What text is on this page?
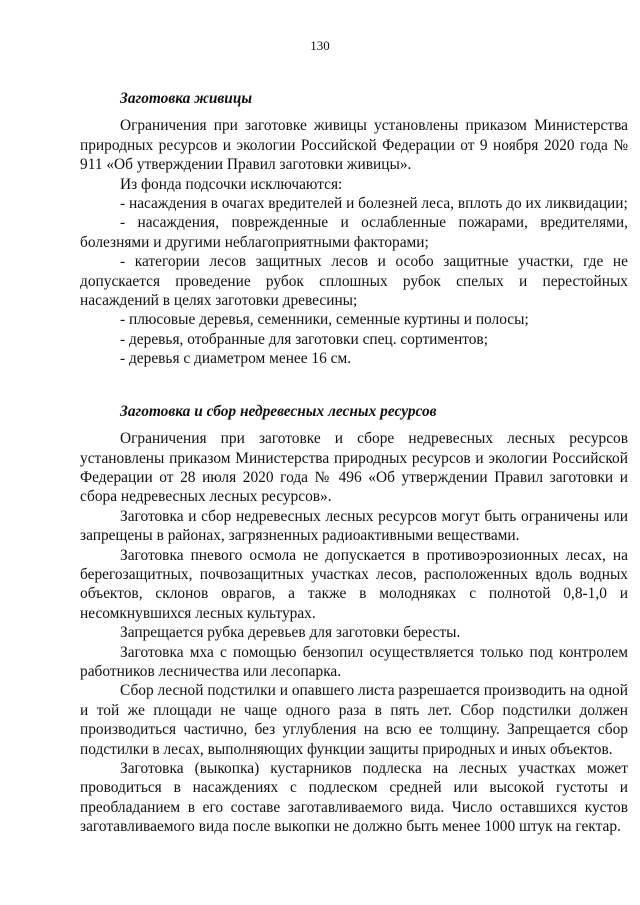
130
Заготовка живицы

Ограничения при заготовке живицы установлены приказом Министерства природных ресурсов и экологии Российской Федерации от 9 ноября 2020 года № 911 «Об утверждении Правил заготовки живицы».

Из фонда подсочки исключаются:

- насаждения в очагах вредителей и болезней леса, вплоть до их ликвидации;

- насаждения, поврежденные и ослабленные пожарами, вредителями, болезнями и другими неблагоприятными факторами;

- категории лесов защитных лесов и особо защитные участки, где не допускается проведение рубок сплошных рубок спелых и перестойных насаждений в целях заготовки древесины;

- плюсовые деревья, семенники, семенные куртины и полосы;

- деревья, отобранные для заготовки спец. сортиментов;

- деревья с диаметром менее 16 см.

Заготовка и сбор недревесных лесных ресурсов

Ограничения при заготовке и сборе недревесных лесных ресурсов установлены приказом Министерства природных ресурсов и экологии Российской Федерации от 28 июля 2020 года № 496 «Об утверждении Правил заготовки и сбора недревесных лесных ресурсов».

Заготовка и сбор недревесных лесных ресурсов могут быть ограничены или запрещены в районах, загрязненных радиоактивными веществами.

Заготовка пневого осмола не допускается в противоэрозионных лесах, на берегозащитных, почвозащитных участках лесов, расположенных вдоль водных объектов, склонов оврагов, а также в молодняках с полнотой 0,8-1,0 и несомкнувшихся лесных культурах.

Запрещается рубка деревьев для заготовки бересты.

Заготовка мха с помощью бензопил осуществляется только под контролем работников лесничества или лесопарка.

Сбор лесной подстилки и опавшего листа разрешается производить на одной и той же площади не чаще одного раза в пять лет. Сбор подстилки должен производиться частично, без углубления на всю ее толщину. Запрещается сбор подстилки в лесах, выполняющих функции защиты природных и иных объектов.

Заготовка (выкопка) кустарников подлеска на лесных участках может проводиться в насаждениях с подлеском средней или высокой густоты и преобладанием в его составе заготавливаемого вида. Число оставшихся кустов заготавливаемого вида после выкопки не должно быть менее 1000 штук на гектар.
